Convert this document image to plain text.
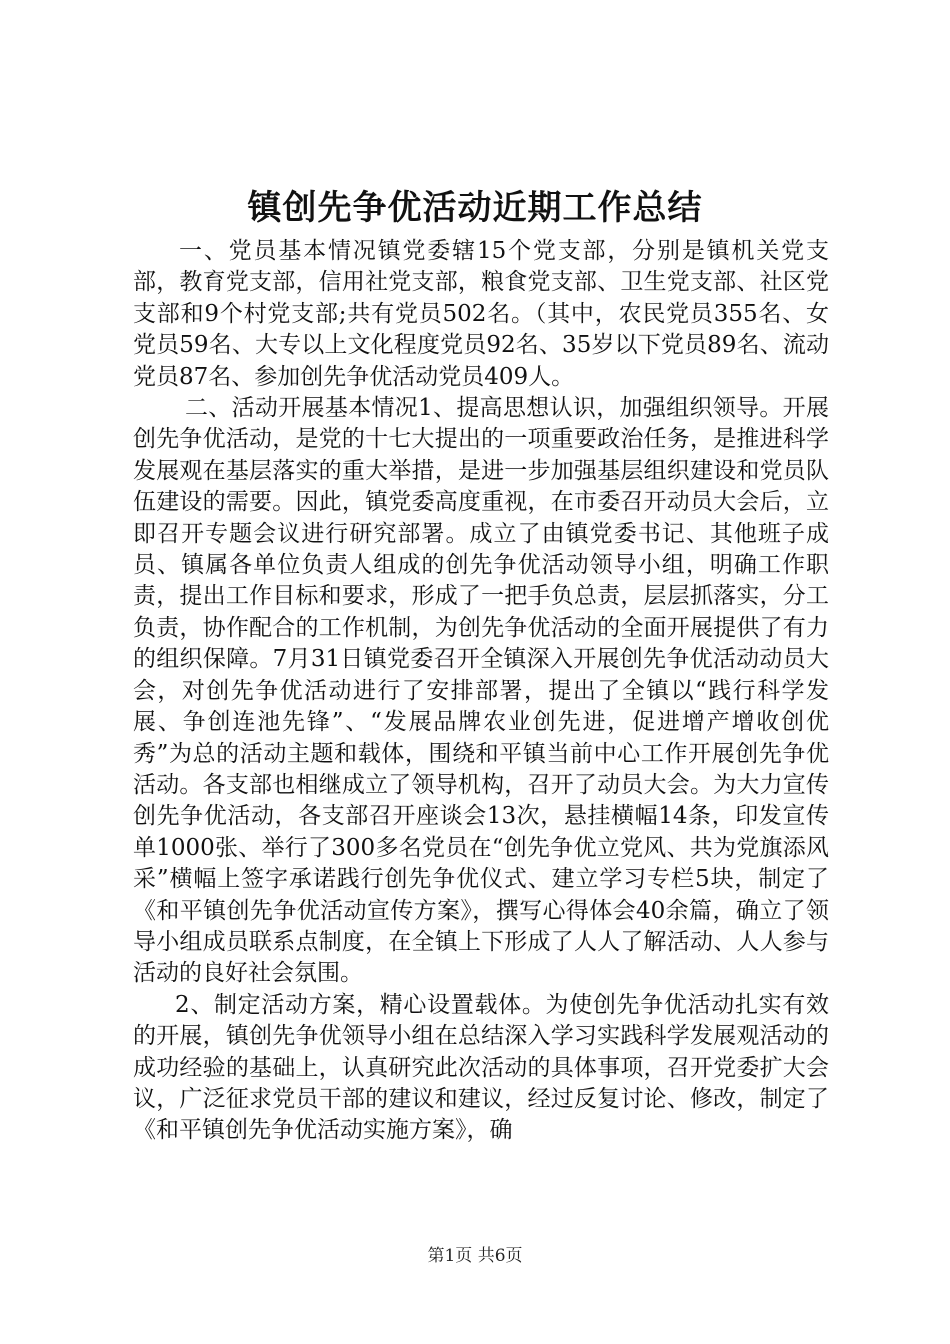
镇创先争优活动近期工作总结

一、党员基本情况镇党委辖15个党支部，分别是镇机关党支部，教育党支部，信用社党支部，粮食党支部、卫生党支部、社区党支部和9个村党支部;共有党员502名。（其中，农民党员355名、女党员59名、大专以上文化程度党员92名、35岁以下党员89名、流动党员87名、参加创先争优活动党员409人。

二、活动开展基本情况1、提高思想认识，加强组织领导。开展创先争优活动，是党的十七大提出的一项重要政治任务，是推进科学发展观在基层落实的重大举措，是进一步加强基层组织建设和党员队伍建设的需要。因此，镇党委高度重视，在市委召开动员大会后，立即召开专题会议进行研究部署。成立了由镇党委书记、其他班子成员、镇属各单位负责人组成的创先争优活动领导小组，明确工作职责，提出工作目标和要求，形成了一把手负总责，层层抓落实，分工负责，协作配合的工作机制，为创先争优活动的全面开展提供了有力的组织保障。7月31日镇党委召开全镇深入开展创先争优活动动员大会，对创先争优活动进行了安排部署，提出了全镇以“践行科学发展、争创连池先锋”、“发展品牌农业创先进，促进增产增收创优秀”为总的活动主题和载体，围绕和平镇当前中心工作开展创先争优活动。各支部也相继成立了领导机构，召开了动员大会。为大力宣传创先争优活动，各支部召开座谈会13次，悬挂横幅14条，印发宣传单1000张、举行了300多名党员在“创先争优立党风、共为党旗添风采”横幅上签字承诺践行创先争优仪式、建立学习专栏5块，制定了《和平镇创先争优活动宣传方案》，撰写心得体会40余篇，确立了领导小组成员联系点制度，在全镇上下形成了人人了解活动、人人参与活动的良好社会氛围。

2、制定活动方案，精心设置载体。为使创先争优活动扎实有效的开展，镇创先争优领导小组在总结深入学习实践科学发展观活动的成功经验的基础上，认真研究此次活动的具体事项，召开党委扩大会议，广泛征求党员干部的建议和建议，经过反复讨论、修改，制定了《和平镇创先争优活动实施方案》，确

第1页 共6页
